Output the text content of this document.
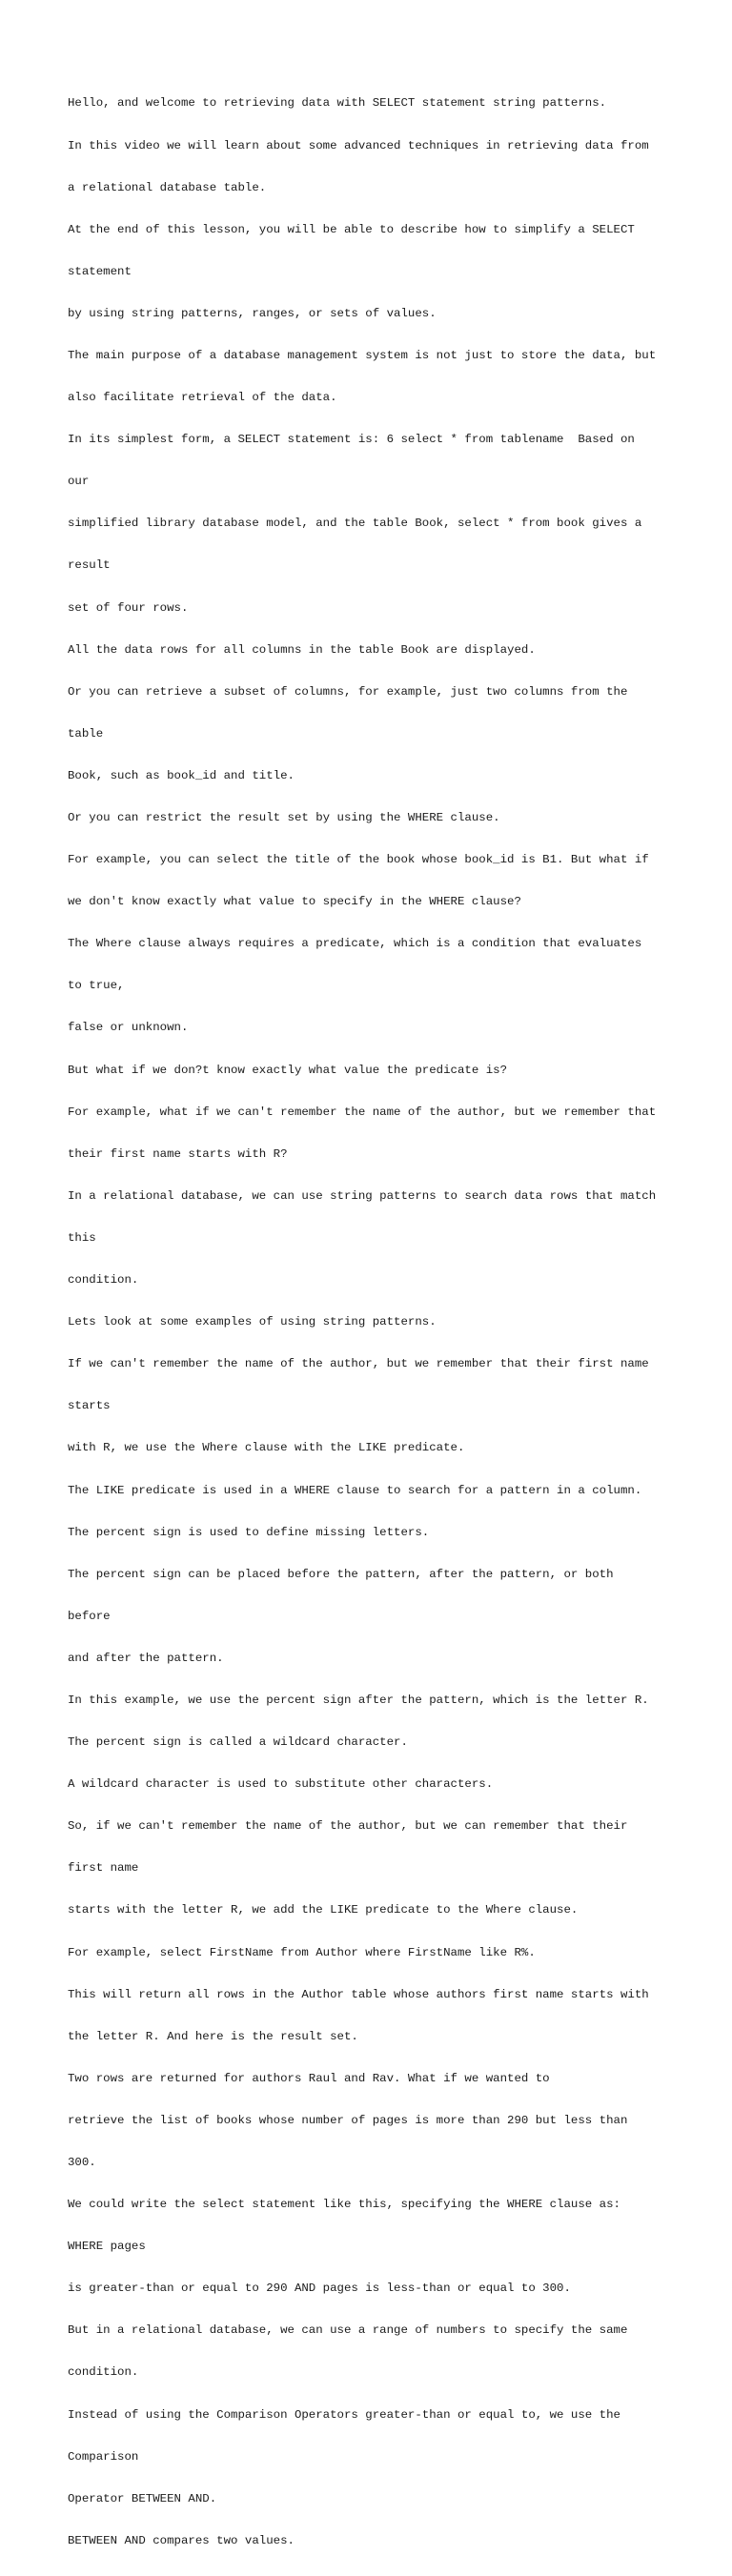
Hello, and welcome to retrieving data with SELECT statement string patterns.

In this video we will learn about some advanced techniques in retrieving data from

a relational database table.

At the end of this lesson, you will be able to describe how to simplify a SELECT

statement

by using string patterns, ranges, or sets of values.

The main purpose of a database management system is not just to store the data, but

also facilitate retrieval of the data.

In its simplest form, a SELECT statement is: 6 select * from tablename  Based on

our

simplified library database model, and the table Book, select * from book gives a

result

set of four rows.

All the data rows for all columns in the table Book are displayed.

Or you can retrieve a subset of columns, for example, just two columns from the

table

Book, such as book_id and title.

Or you can restrict the result set by using the WHERE clause.

For example, you can select the title of the book whose book_id is B1. But what if

we don't know exactly what value to specify in the WHERE clause?

The Where clause always requires a predicate, which is a condition that evaluates

to true,

false or unknown.

But what if we don?t know exactly what value the predicate is?

For example, what if we can't remember the name of the author, but we remember that

their first name starts with R?

In a relational database, we can use string patterns to search data rows that match

this

condition.

Lets look at some examples of using string patterns.

If we can't remember the name of the author, but we remember that their first name

starts

with R, we use the Where clause with the LIKE predicate.

The LIKE predicate is used in a WHERE clause to search for a pattern in a column.

The percent sign is used to define missing letters.

The percent sign can be placed before the pattern, after the pattern, or both

before

and after the pattern.

In this example, we use the percent sign after the pattern, which is the letter R.

The percent sign is called a wildcard character.

A wildcard character is used to substitute other characters.

So, if we can't remember the name of the author, but we can remember that their

first name

starts with the letter R, we add the LIKE predicate to the Where clause.

For example, select FirstName from Author where FirstName like R%.

This will return all rows in the Author table whose authors first name starts with

the letter R. And here is the result set.

Two rows are returned for authors Raul and Rav. What if we wanted to

retrieve the list of books whose number of pages is more than 290 but less than

300.

We could write the select statement like this, specifying the WHERE clause as:

WHERE pages

is greater-than or equal to 290 AND pages is less-than or equal to 300.

But in a relational database, we can use a range of numbers to specify the same

condition.

Instead of using the Comparison Operators greater-than or equal to, we use the

Comparison

Operator BETWEEN AND.

BETWEEN AND compares two values.
